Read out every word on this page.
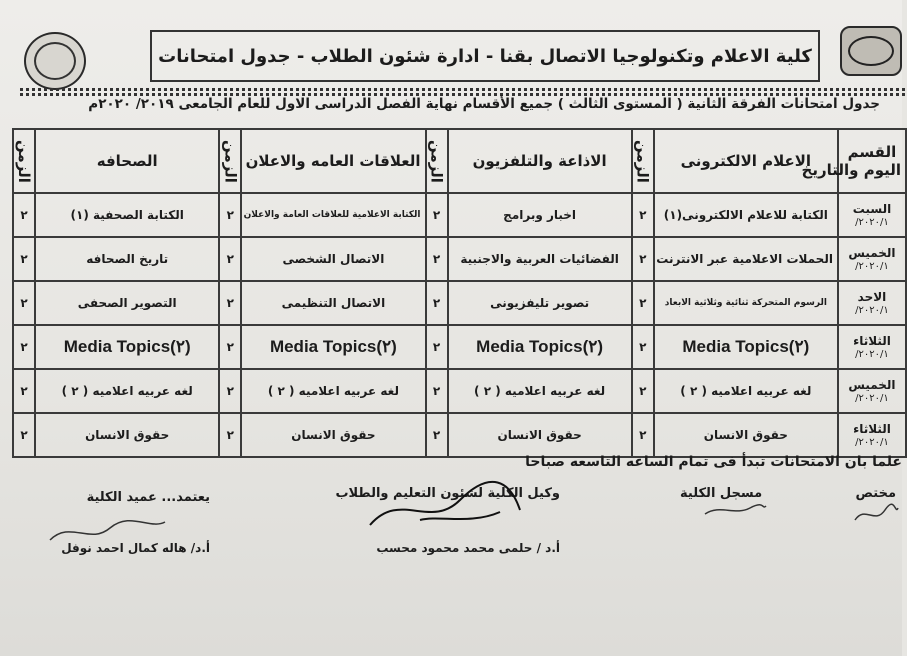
كلية الاعلام وتكنولوجيا الاتصال بقنا - ادارة شئون الطلاب - جدول امتحانات
جدول امتحانات الفرقة الثانية ( المستوى الثالث ) جميع الأقسام نهاية الفصل الدراسى الاول للعام الجامعى ٢٠١٩/ ٢٠٢٠م
القسم
اليوم والتاريخ	الاعلام الالكترونى	الزمن	الاذاعة والتلفزيون	الزمن	العلاقات العامه والاعلان	الزمن	الصحافه	الزمن

السبت
٢٠٢٠/١/	الكتابة للاعلام الالكترونى(١)	٢	اخبار وبرامج	٢	الكتابة الاعلامية للعلاقات العامة والاعلان	٢	الكتابة الصحفية (١)	٢

الخميس
٢٠٢٠/١/	الحملات الاعلامية عبر الانترنت	٢	الفضائيات العربية والاجنبية	٢	الاتصال الشخصى	٢	تاريخ الصحافه	٢

الاحد
٢٠٢٠/١/	الرسوم المتحركة ثنائية وثلاثية الابعاد	٢	تصوير تليفزيونى	٢	الاتصال التنظيمى	٢	التصوير الصحفى	٢

الثلاثاء
٢٠٢٠/١/	Media Topics(٢)	٢	Media Topics(٢)	٢	Media Topics(٢)	٢	Media Topics(٢)	٢

الخميس
٢٠٢٠/١/	لغه عربيه اعلاميه ( ٢ )	٢	لغه عربيه اعلاميه ( ٢ )	٢	لغه عربيه اعلاميه ( ٢ )	٢	لغه عربيه اعلاميه ( ٢ )	٢

الثلاثاء
٢٠٢٠/١/	حقوق الانسان	٢	حقوق الانسان	٢	حقوق الانسان	٢	حقوق الانسان	٢
علما بان الامتحانات تبدأ فى تمام الساعه التاسعه صباحا
مختص
مسجل الكلية
وكيل الكلية لشئون التعليم والطلاب
أ.د / حلمى محمد محمود محسب
يعتمد... عميد الكلية
أ.د/ هاله كمال احمد نوفل
